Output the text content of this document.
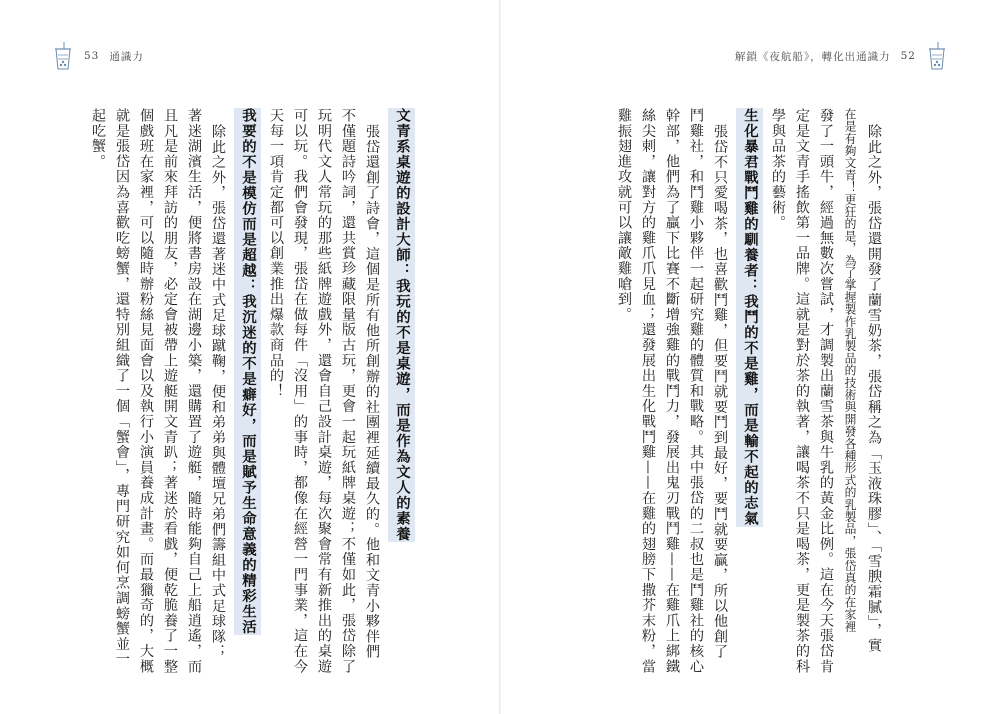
53 通識力	解鎖《夜航船》，轉化出通識力 52
起吃蟹。 就是張岱因為喜歡吃螃蟹，還特別組織了一個「蟹會」，專門研究如何烹調螃蟹並一 個戲班在家裡，可以隨時辦粉絲見面會以及執行小演員養成計畫。而最獵奇的，大概 且凡是前來拜訪的朋友，必定會被帶上遊艇開文青趴；著迷於看戲，便乾脆養了一整 著迷湖濱生活，便將書房設在湖邊小築，還購置了遊艇，隨時能夠自己上船逍遙，而 除此之外，張岱還著迷中式足球蹴鞠，便和弟弟與體壇兄弟們籌組中式足球隊； 我要的不是模仿而是超越：我沉迷的不是癖好，而是賦予生命意義的精彩生活 天每一項肯定都可以創業推出爆款商品的！ 可以玩。我們會發現，張岱在做每件「沒用」的事時，都像在經營一門事業，這在今 玩明代文人常玩的那些紙牌遊戲外，還會自己設計桌遊，每次聚會常有新推出的桌遊 不僅題詩吟詞，還共賞珍藏限量版古玩，更會一起玩紙牌桌遊；不僅如此，張岱除了 張岱還創了詩會，這個是所有他所創辦的社團裡延續最久的。他和文青小夥伴們 文青系桌遊的設計大師：我玩的不是桌遊，而是作為文人的素養	雞振翅進攻就可以讓敵雞嗆到。 絲尖刺，讓對方的雞爪爪見血；還發展出生化戰鬥雞——在雞的翅膀下撒芥末粉，當 幹部，他們為了贏下比賽不斷增強雞的戰鬥力，發展出鬼刃戰鬥雞——在雞爪上綁鐵 鬥雞社，和鬥雞小夥伴一起研究雞的體質和戰略。其中張岱的二叔也是鬥雞社的核心 張岱不只愛喝茶，也喜歡鬥雞，但要鬥就要鬥到最好，要鬥就要贏，所以他創了 生化暴君戰鬥雞的馴養者：我鬥的不是雞，而是輸不起的志氣 學與品茶的藝術。 定是文青手搖飲第一品牌。這就是對於茶的執著，讓喝茶不只是喝茶，更是製茶的科 發了一頭牛，經過無數次嘗試，才調製出蘭雪茶與牛乳的黃金比例。這在今天張岱肯 在是有夠文青！更狂的是，為了掌握製作乳製品的技術與開發各種形式的乳製品，張岱真的在家裡 除此之外，張岱還開發了蘭雪奶茶，張岱稱之為「玉液珠膠」、「雪腴霜膩」，實
